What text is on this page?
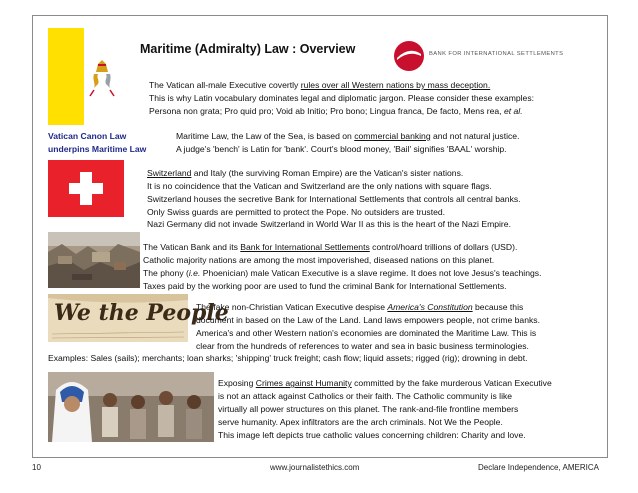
Maritime (Admiralty) Law : Overview	BANK FOR INTERNATIONAL SETTLEMENTS
The Vatican all-male Executive covertly rules over all Western nations by mass deception.
This is why Latin vocabulary dominates legal and diplomatic jargon. Please consider these examples:
Persona non grata; Pro quid pro; Void ab Initio; Pro bono; Lingua franca, De facto, Mens rea, et al.
Vatican Canon Law
underpins Maritime Law
Maritime Law, the Law of the Sea, is based on commercial banking and not natural justice.
A judge's 'bench' is Latin for 'bank'. Court's blood money, 'Bail' signifies 'BAAL' worship.
Switzerland and Italy (the surviving Roman Empire) are the Vatican's sister nations.
It is no coincidence that the Vatican and Switzerland are the only nations with square flags.
Switzerland houses the secretive Bank for International Settlements that controls all central banks.
Only Swiss guards are permitted to protect the Pope. No outsiders are trusted.
Nazi Germany did not invade Switzerland in World War II as this is the heart of the Nazi Empire.
The Vatican Bank and its Bank for International Settlements control/hoard trillions of dollars (USD).
Catholic majority nations are among the most impoverished, diseased nations on this planet.
The phony (i.e. Phoenician) male Vatican Executive is a slave regime. It does not love Jesus's teachings.
Taxes paid by the working poor are used to fund the criminal Bank for International Settlements.
We the People
The fake non-Christian Vatican Executive despise America's Constitution because this
document in based on the Law of the Land. Land laws empowers people, not crime banks.
America's and other Western nation's economies are dominated the Maritime Law. This is
clear from the hundreds of references to water and sea in basic business terminologies.
Examples: Sales (sails); merchants; loan sharks; 'shipping' truck freight; cash flow; liquid assets; rigged (rig); drowning in debt.
Exposing Crimes against Humanity committed by the fake murderous Vatican Executive
is not an attack against Catholics or their faith. The Catholic community is like
virtually all power structures on this planet. The rank-and-file frontline members
serve humanity. Apex infiltrators are the arch criminals. Not We the People.
This image left depicts true catholic values concerning children: Charity and love.
10	www.journalistethics.com	Declare Independence, AMERICA
